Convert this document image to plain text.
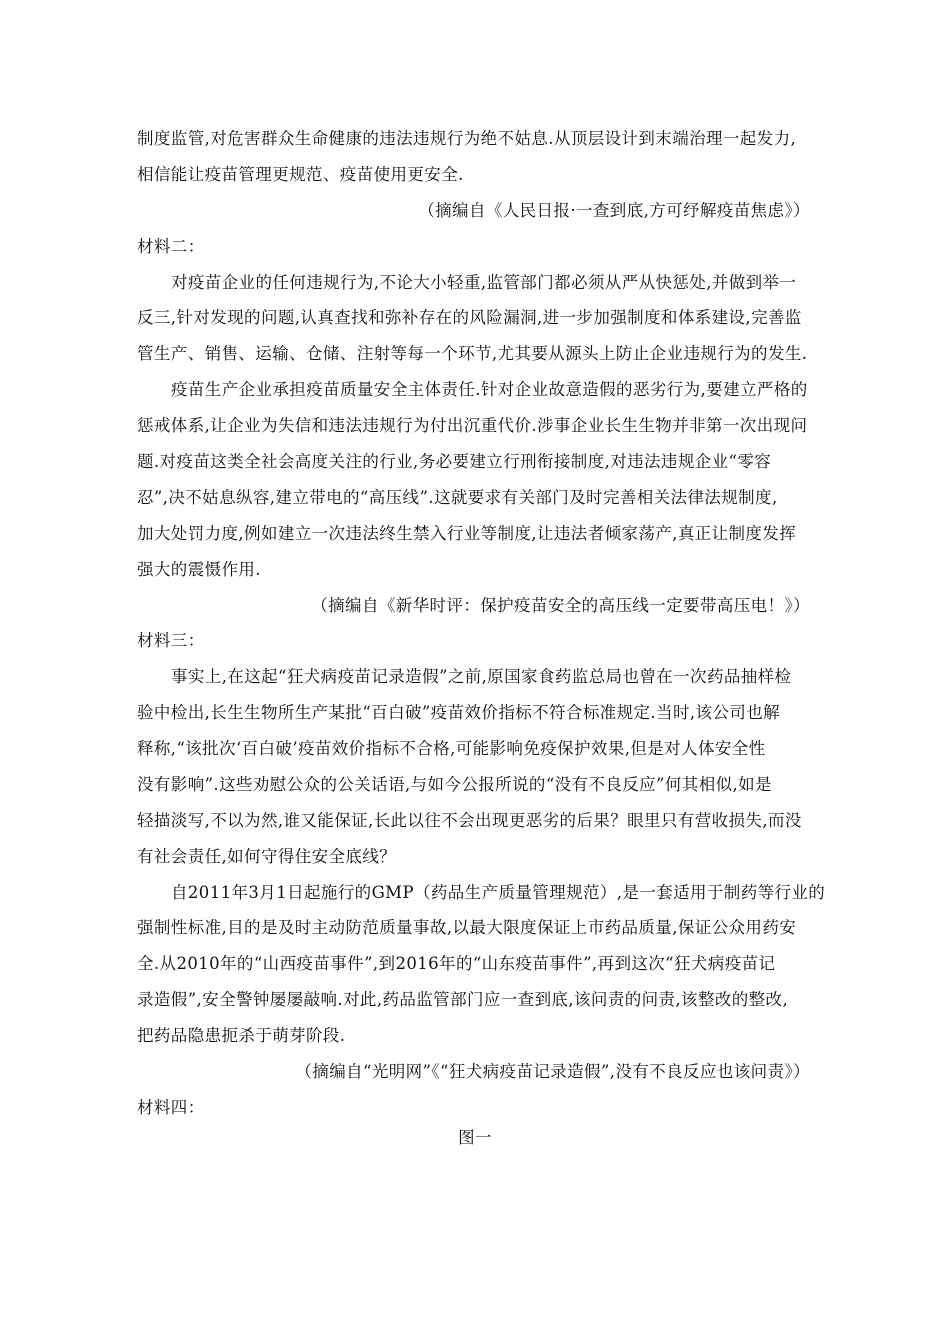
制度监管,对危害群众生命健康的违法违规行为绝不姑息.从顶层设计到末端治理一起发力,
相信能让疫苗管理更规范、疫苗使用更安全.
（摘编自《人民日报·一查到底,方可纾解疫苗焦虑》）
材料二：
对疫苗企业的任何违规行为,不论大小轻重,监管部门都必须从严从快惩处,并做到举一
反三,针对发现的问题,认真查找和弥补存在的风险漏洞,进一步加强制度和体系建设,完善监
管生产、销售、运输、仓储、注射等每一个环节,尤其要从源头上防止企业违规行为的发生.
疫苗生产企业承担疫苗质量安全主体责任.针对企业故意造假的恶劣行为,要建立严格的
惩戒体系,让企业为失信和违法违规行为付出沉重代价.涉事企业长生生物并非第一次出现问
题.对疫苗这类全社会高度关注的行业,务必要建立行刑衔接制度,对违法违规企业“零容
忍”,决不姑息纵容,建立带电的“高压线”.这就要求有关部门及时完善相关法律法规制度,
加大处罚力度,例如建立一次违法终生禁入行业等制度,让违法者倾家荡产,真正让制度发挥
强大的震慑作用.
（摘编自《新华时评：保护疫苗安全的高压线一定要带高压电！》）
材料三：
事实上,在这起“狂犬病疫苗记录造假”之前,原国家食药监总局也曾在一次药品抽样检
验中检出,长生生物所生产某批“百白破”疫苗效价指标不符合标准规定.当时,该公司也解
释称,“该批次‘百白破’疫苗效价指标不合格,可能影响免疫保护效果,但是对人体安全性
没有影响”.这些劝慰公众的公关话语,与如今公报所说的“没有不良反应”何其相似,如是
轻描淡写,不以为然,谁又能保证,长此以往不会出现更恶劣的后果？眼里只有营收损失,而没
有社会责任,如何守得住安全底线？
自2011年3月1日起施行的GMP（药品生产质量管理规范）,是一套适用于制药等行业的
强制性标准,目的是及时主动防范质量事故,以最大限度保证上市药品质量,保证公众用药安
全.从2010年的“山西疫苗事件”,到2016年的“山东疫苗事件”,再到这次“狂犬病疫苗记
录造假”,安全警钟屡屡敲响.对此,药品监管部门应一查到底,该问责的问责,该整改的整改,
把药品隐患扼杀于萌芽阶段.
（摘编自“光明网”《“狂犬病疫苗记录造假”,没有不良反应也该问责》）
材料四：
图一
